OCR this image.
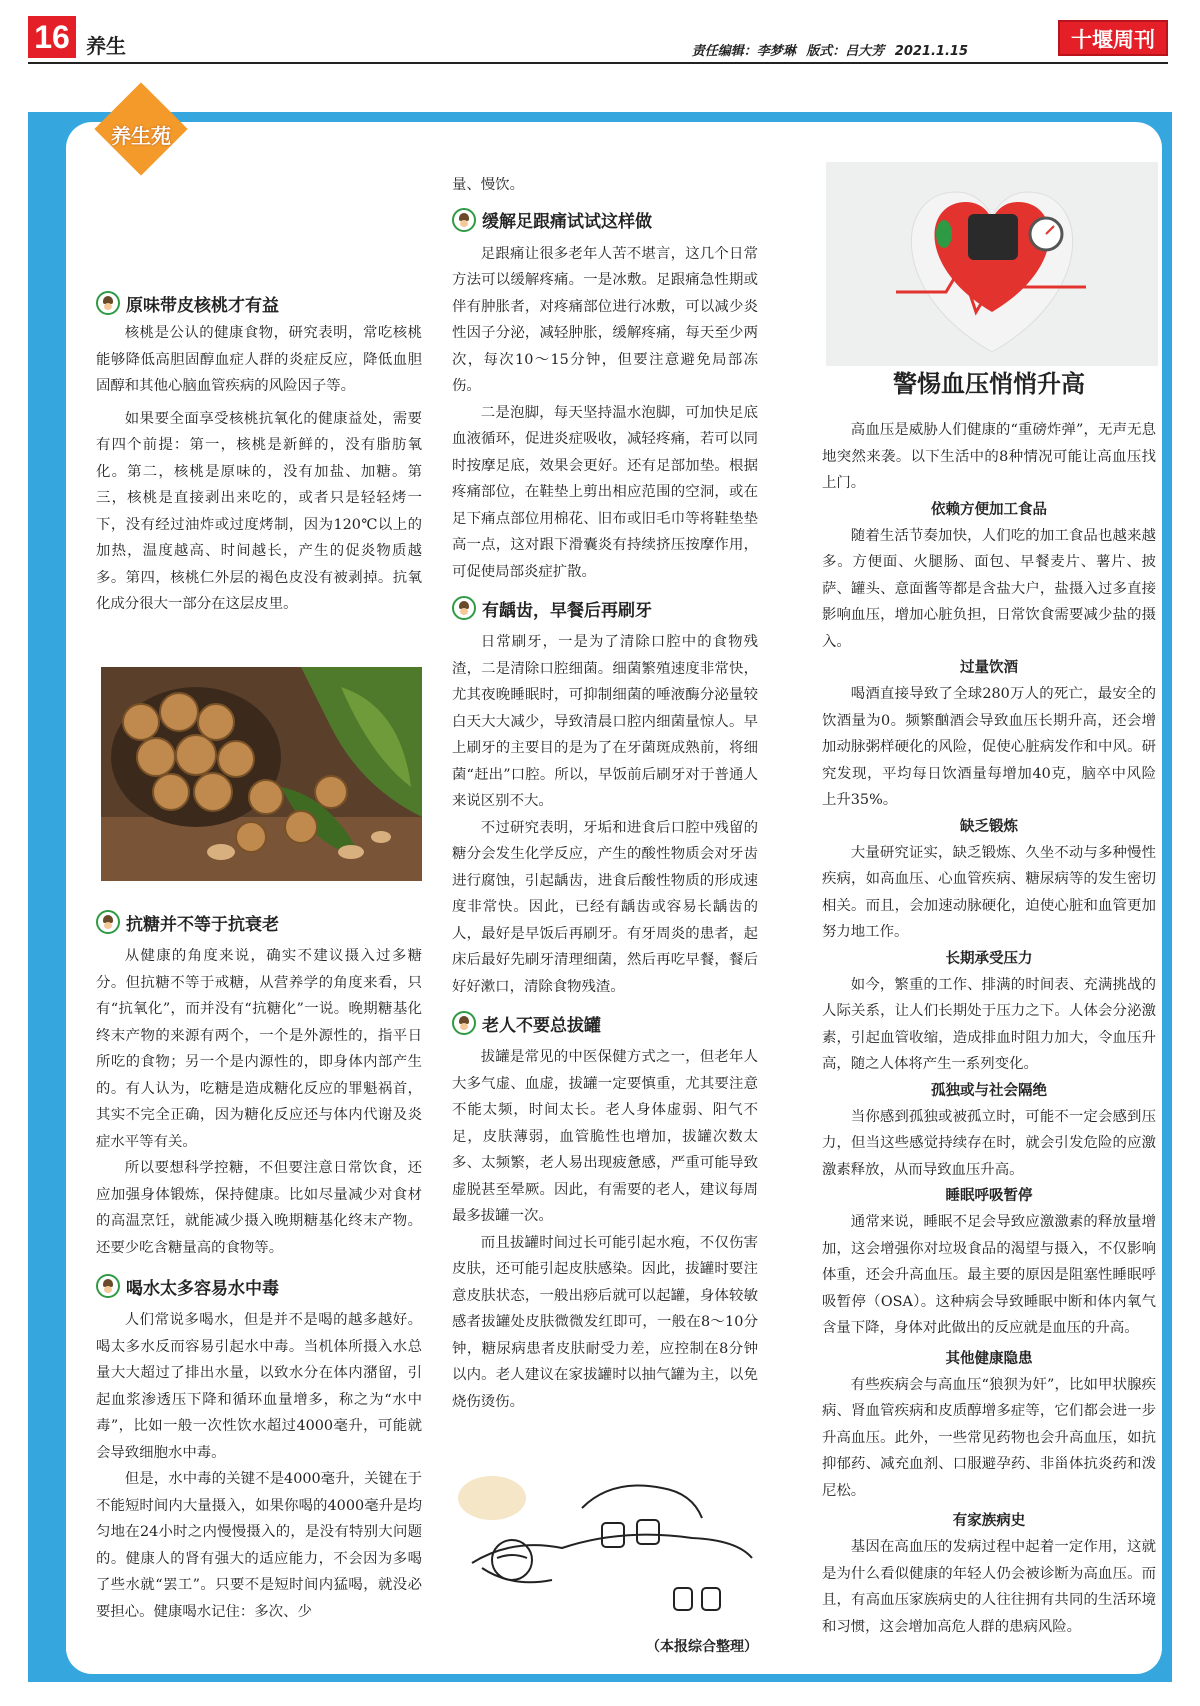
16 养生	责任编辑：李梦琳 版式：吕大芳 2021.1.15	十堰周刊
养生苑
原味带皮核桃才有益

核桃是公认的健康食物，研究表明，常吃核桃能够降低高胆固醇血症人群的炎症反应，降低血胆固醇和其他心脑血管疾病的风险因子等。

如果要全面享受核桃抗氧化的健康益处，需要有四个前提：第一，核桃是新鲜的，没有脂肪氧化。第二，核桃是原味的，没有加盐、加糖。第三，核桃是直接剥出来吃的，或者只是轻轻烤一下，没有经过油炸或过度烤制，因为120℃以上的加热，温度越高、时间越长，产生的促炎物质越多。第四，核桃仁外层的褐色皮没有被剥掉。抗氧化成分很大一部分在这层皮里。

抗糖并不等于抗衰老

从健康的角度来说，确实不建议摄入过多糖分。但抗糖不等于戒糖，从营养学的角度来看，只有“抗氧化”，而并没有“抗糖化”一说。晚期糖基化终末产物的来源有两个，一个是外源性的，指平日所吃的食物；另一个是内源性的，即身体内部产生的。有人认为，吃糖是造成糖化反应的罪魁祸首，其实不完全正确，因为糖化反应还与体内代谢及炎症水平等有关。

所以要想科学控糖，不但要注意日常饮食，还应加强身体锻炼，保持健康。比如尽量减少对食材的高温烹饪，就能减少摄入晚期糖基化终末产物。还要少吃含糖量高的食物等。

喝水太多容易水中毒

人们常说多喝水，但是并不是喝的越多越好。喝太多水反而容易引起水中毒。当机体所摄入水总量大大超过了排出水量，以致水分在体内潴留，引起血浆渗透压下降和循环血量增多，称之为“水中毒”，比如一般一次性饮水超过4000毫升，可能就会导致细胞水中毒。

但是，水中毒的关键不是4000毫升，关键在于不能短时间内大量摄入，如果你喝的4000毫升是均匀地在24小时之内慢慢摄入的，是没有特别大问题的。健康人的肾有强大的适应能力，不会因为多喝了些水就“罢工”。只要不是短时间内猛喝，就没必要担心。健康喝水记住：多次、少

量、慢饮。

缓解足跟痛试试这样做

足跟痛让很多老年人苦不堪言，这几个日常方法可以缓解疼痛。一是冰敷。足跟痛急性期或伴有肿胀者，对疼痛部位进行冰敷，可以减少炎性因子分泌，减轻肿胀，缓解疼痛，每天至少两次，每次10～15分钟，但要注意避免局部冻伤。

二是泡脚，每天坚持温水泡脚，可加快足底血液循环，促进炎症吸收，减轻疼痛，若可以同时按摩足底，效果会更好。还有足部加垫。根据疼痛部位，在鞋垫上剪出相应范围的空洞，或在足下痛点部位用棉花、旧布或旧毛巾等将鞋垫垫高一点，这对跟下滑囊炎有持续挤压按摩作用，可促使局部炎症扩散。

有龋齿，早餐后再刷牙

日常刷牙，一是为了清除口腔中的食物残渣，二是清除口腔细菌。细菌繁殖速度非常快，尤其夜晚睡眠时，可抑制细菌的唾液酶分泌量较白天大大减少，导致清晨口腔内细菌量惊人。早上刷牙的主要目的是为了在牙菌斑成熟前，将细菌“赶出”口腔。所以，早饭前后刷牙对于普通人来说区别不大。

不过研究表明，牙垢和进食后口腔中残留的糖分会发生化学反应，产生的酸性物质会对牙齿进行腐蚀，引起龋齿，进食后酸性物质的形成速度非常快。因此，已经有龋齿或容易长龋齿的人，最好是早饭后再刷牙。有牙周炎的患者，起床后最好先刷牙清理细菌，然后再吃早餐，餐后好好漱口，清除食物残渣。

老人不要总拔罐

拔罐是常见的中医保健方式之一，但老年人大多气虚、血虚，拔罐一定要慎重，尤其要注意不能太频，时间太长。老人身体虚弱、阳气不足，皮肤薄弱，血管脆性也增加，拔罐次数太多、太频繁，老人易出现疲惫感，严重可能导致虚脱甚至晕厥。因此，有需要的老人，建议每周最多拔罐一次。

而且拔罐时间过长可能引起水疱，不仅伤害皮肤，还可能引起皮肤感染。因此，拔罐时要注意皮肤状态，一般出痧后就可以起罐，身体较敏感者拔罐处皮肤微微发红即可，一般在8～10分钟，糖尿病患者皮肤耐受力差，应控制在8分钟以内。老人建议在家拔罐时以抽气罐为主，以免烧伤烫伤。

（本报综合整理）

警惕血压悄悄升高

高血压是威胁人们健康的“重磅炸弹”，无声无息地突然来袭。以下生活中的8种情况可能让高血压找上门。

依赖方便加工食品

随着生活节奏加快，人们吃的加工食品也越来越多。方便面、火腿肠、面包、早餐麦片、薯片、披萨、罐头、意面酱等都是含盐大户，盐摄入过多直接影响血压，增加心脏负担，日常饮食需要减少盐的摄入。

过量饮酒

喝酒直接导致了全球280万人的死亡，最安全的饮酒量为0。频繁酗酒会导致血压长期升高，还会增加动脉粥样硬化的风险，促使心脏病发作和中风。研究发现，平均每日饮酒量每增加40克，脑卒中风险上升35%。

缺乏锻炼

大量研究证实，缺乏锻炼、久坐不动与多种慢性疾病，如高血压、心血管疾病、糖尿病等的发生密切相关。而且，会加速动脉硬化，迫使心脏和血管更加努力地工作。

长期承受压力

如今，繁重的工作、排满的时间表、充满挑战的人际关系，让人们长期处于压力之下。人体会分泌激素，引起血管收缩，造成排血时阻力加大，令血压升高，随之人体将产生一系列变化。

孤独或与社会隔绝

当你感到孤独或被孤立时，可能不一定会感到压力，但当这些感觉持续存在时，就会引发危险的应激激素释放，从而导致血压升高。

睡眠呼吸暂停

通常来说，睡眠不足会导致应激激素的释放量增加，这会增强你对垃圾食品的渴望与摄入，不仅影响体重，还会升高血压。最主要的原因是阻塞性睡眠呼吸暂停（OSA）。这种病会导致睡眠中断和体内氧气含量下降，身体对此做出的反应就是血压的升高。

其他健康隐患

有些疾病会与高血压“狼狈为奸”，比如甲状腺疾病、肾血管疾病和皮质醇增多症等，它们都会进一步升高血压。此外，一些常见药物也会升高血压，如抗抑郁药、减充血剂、口服避孕药、非甾体抗炎药和泼尼松。

有家族病史

基因在高血压的发病过程中起着一定作用，这就是为什么看似健康的年轻人仍会被诊断为高血压。而且，有高血压家族病史的人往往拥有共同的生活环境和习惯，这会增加高危人群的患病风险。
